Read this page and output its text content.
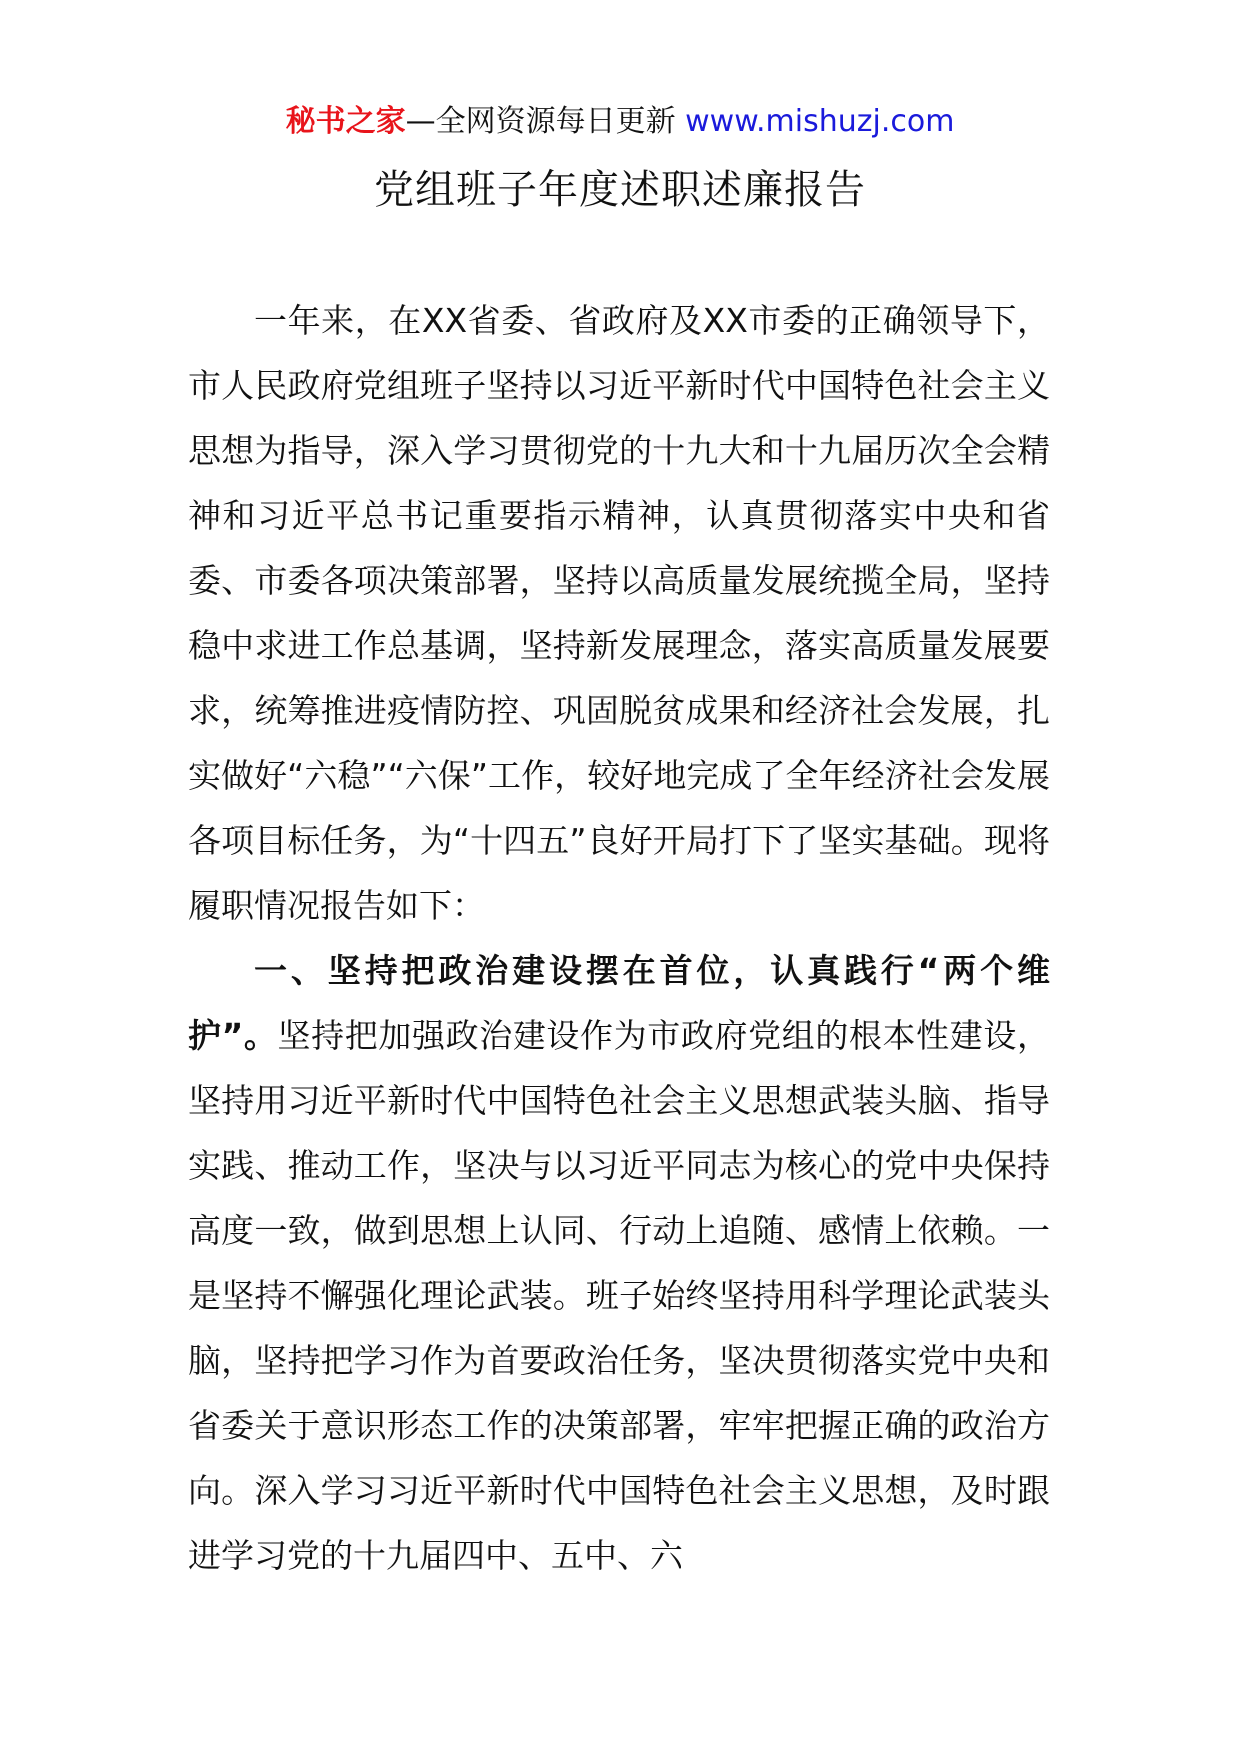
秘书之家—全网资源每日更新 www.mishuzj.com
党组班子年度述职述廉报告

一年来，在XX省委、省政府及XX市委的正确领导下，市人民政府党组班子坚持以习近平新时代中国特色社会主义思想为指导，深入学习贯彻党的十九大和十九届历次全会精神和习近平总书记重要指示精神，认真贯彻落实中央和省委、市委各项决策部署，坚持以高质量发展统揽全局，坚持稳中求进工作总基调，坚持新发展理念，落实高质量发展要求，统筹推进疫情防控、巩固脱贫成果和经济社会发展，扎实做好“六稳”“六保”工作，较好地完成了全年经济社会发展各项目标任务，为“十四五”良好开局打下了坚实基础。现将履职情况报告如下：

一、坚持把政治建设摆在首位，认真践行“两个维护”。坚持把加强政治建设作为市政府党组的根本性建设，坚持用习近平新时代中国特色社会主义思想武装头脑、指导实践、推动工作，坚决与以习近平同志为核心的党中央保持高度一致，做到思想上认同、行动上追随、感情上依赖。一是坚持不懈强化理论武装。班子始终坚持用科学理论武装头脑，坚持把学习作为首要政治任务，坚决贯彻落实党中央和省委关于意识形态工作的决策部署，牢牢把握正确的政治方向。深入学习习近平新时代中国特色社会主义思想，及时跟进学习党的十九届四中、五中、六
